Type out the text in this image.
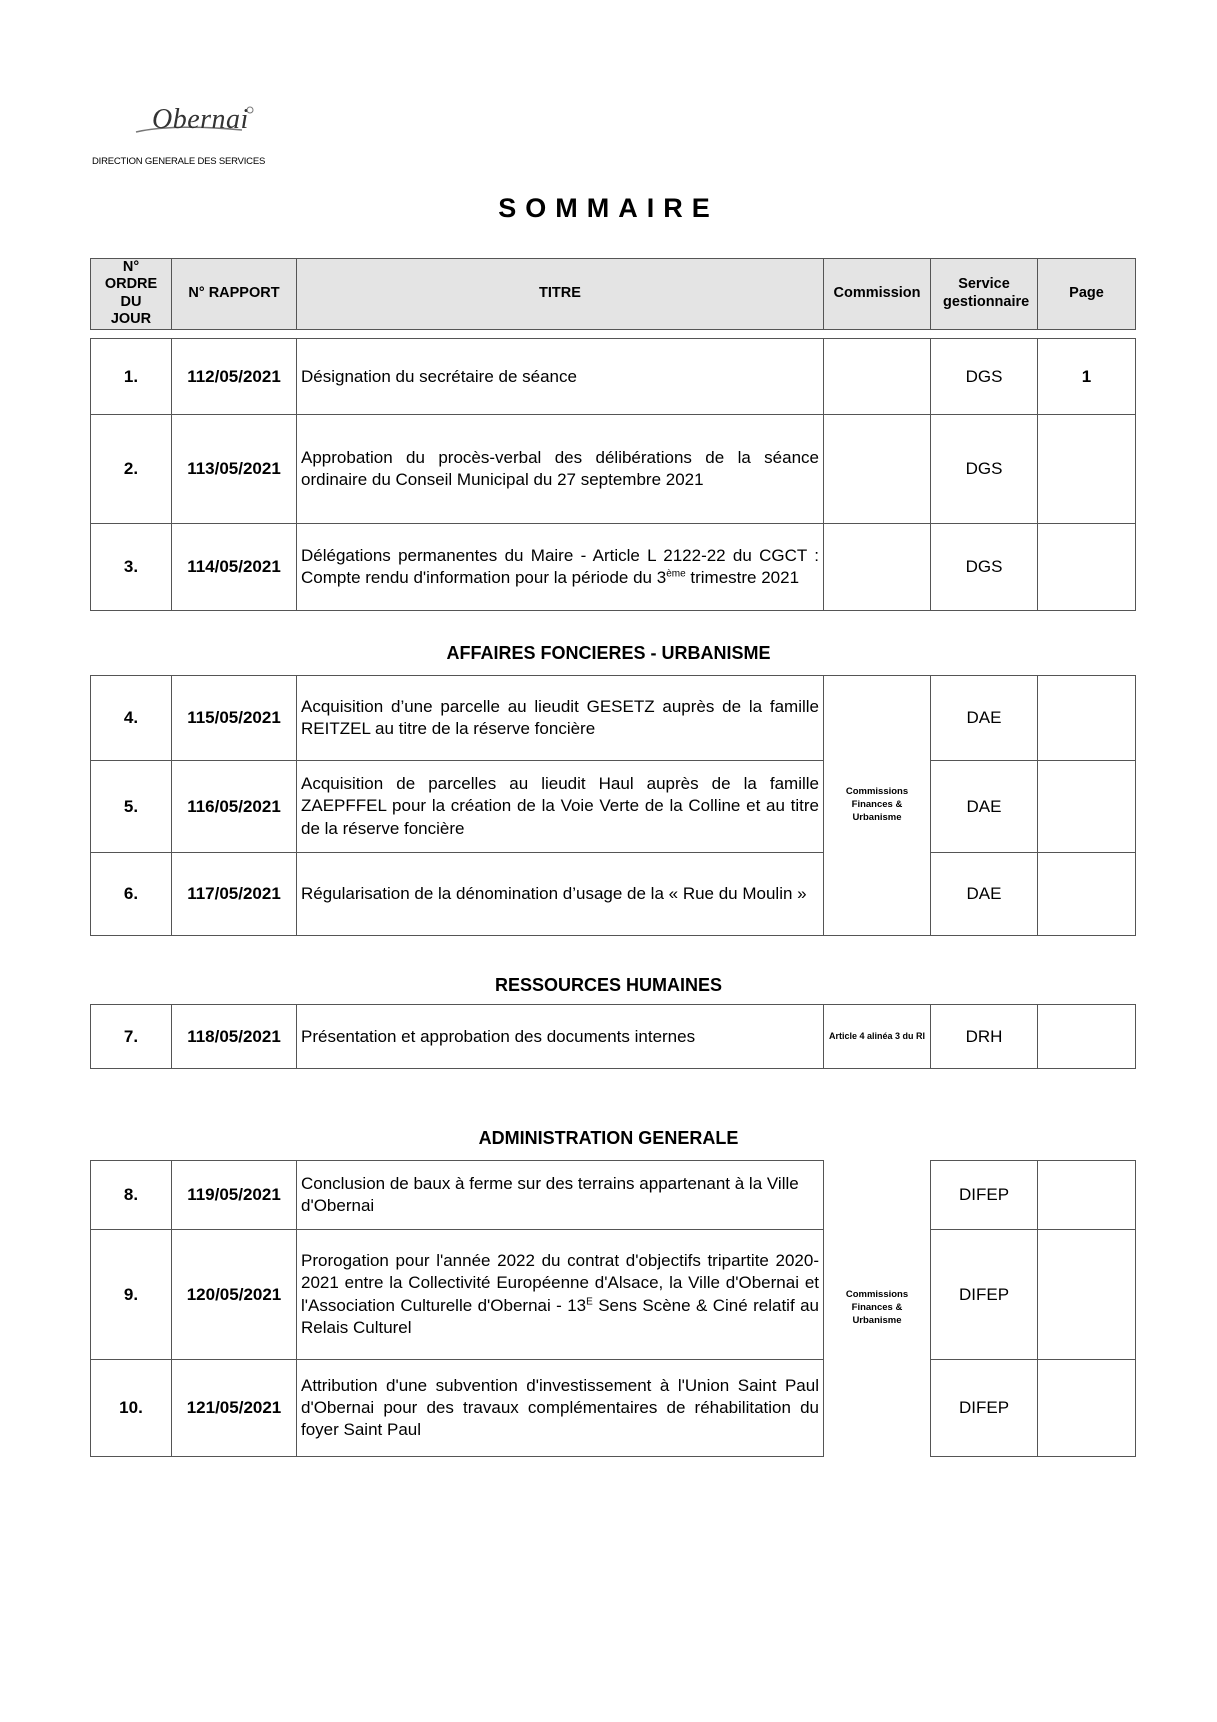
Obernai
DIRECTION GENERALE DES SERVICES
SOMMAIRE
N° ORDRE DU JOUR	N° RAPPORT	TITRE	Commission	Service gestionnaire	Page
1.	112/05/2021	Désignation du secrétaire de séance		DGS	1
2.	113/05/2021	Approbation du procès-verbal des délibérations de la séance ordinaire du Conseil Municipal du 27 septembre 2021		DGS	
3.	114/05/2021	Délégations permanentes du Maire - Article L 2122-22 du CGCT : Compte rendu d'information pour la période du 3ème trimestre 2021		DGS	
AFFAIRES FONCIERES - URBANISME
4.	115/05/2021	Acquisition d’une parcelle au lieudit GESETZ auprès de la famille REITZEL au titre de la réserve foncière	Commissions Finances & Urbanisme	DAE	
5.	116/05/2021	Acquisition de parcelles au lieudit Haul auprès de la famille ZAEPFFEL pour la création de la Voie Verte de la Colline et au titre de la réserve foncière		DAE	
6.	117/05/2021	Régularisation de la dénomination d’usage de la « Rue du Moulin »		DAE	
RESSOURCES HUMAINES
7.	118/05/2021	Présentation et approbation des documents internes	Article 4 alinéa 3 du RI	DRH	
ADMINISTRATION GENERALE
8.	119/05/2021	Conclusion de baux à ferme sur des terrains appartenant à la Ville d'Obernai	Commissions Finances & Urbanisme	DIFEP	
9.	120/05/2021	Prorogation pour l'année 2022 du contrat d'objectifs tripartite 2020-2021 entre la Collectivité Européenne d'Alsace, la Ville d'Obernai et l'Association Culturelle d'Obernai - $13^E$ Sens Scène & Ciné relatif au Relais Culturel		DIFEP	
10.	121/05/2021	Attribution d'une subvention d'investissement à l'Union Saint Paul d'Obernai pour des travaux complémentaires de réhabilitation du foyer Saint Paul		DIFEP	
